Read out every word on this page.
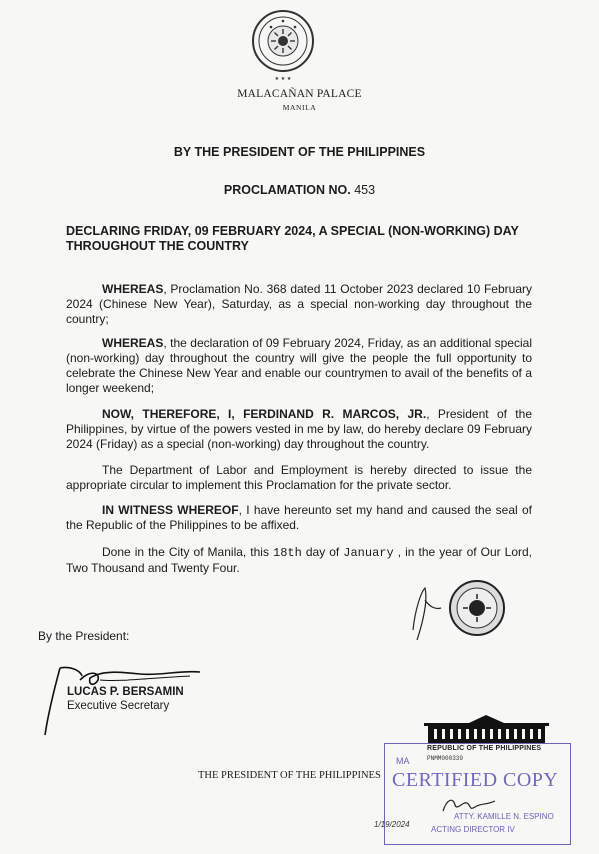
★ ★ ★
MALACAÑAN PALACE
MANILA
BY THE PRESIDENT OF THE PHILIPPINES
PROCLAMATION NO. 453
DECLARING FRIDAY, 09 FEBRUARY 2024, A SPECIAL (NON-WORKING) DAY THROUGHOUT THE COUNTRY
WHEREAS, Proclamation No. 368 dated 11 October 2023 declared 10 February 2024 (Chinese New Year), Saturday, as a special non-working day throughout the country;
WHEREAS, the declaration of 09 February 2024, Friday, as an additional special (non-working) day throughout the country will give the people the full opportunity to celebrate the Chinese New Year and enable our countrymen to avail of the benefits of a longer weekend;
NOW, THEREFORE, I, FERDINAND R. MARCOS, JR., President of the Philippines, by virtue of the powers vested in me by law, do hereby declare 09 February 2024 (Friday) as a special (non-working) day throughout the country.
The Department of Labor and Employment is hereby directed to issue the appropriate circular to implement this Proclamation for the private sector.
IN WITNESS WHEREOF, I have hereunto set my hand and caused the seal of the Republic of the Philippines to be affixed.
Done in the City of Manila, this 18th day of January , in the year of Our Lord, Two Thousand and Twenty Four.
By the President:
LUCAS P. BERSAMIN
Executive Secretary
THE PRESIDENT OF THE PHILIPPINES
REPUBLIC OF THE PHILIPPINES
PNMM000339
MA
CERTIFIED COPY
ATTY. KAMILLE N. ESPINO
1/19/2024
ACTING DIRECTOR IV
